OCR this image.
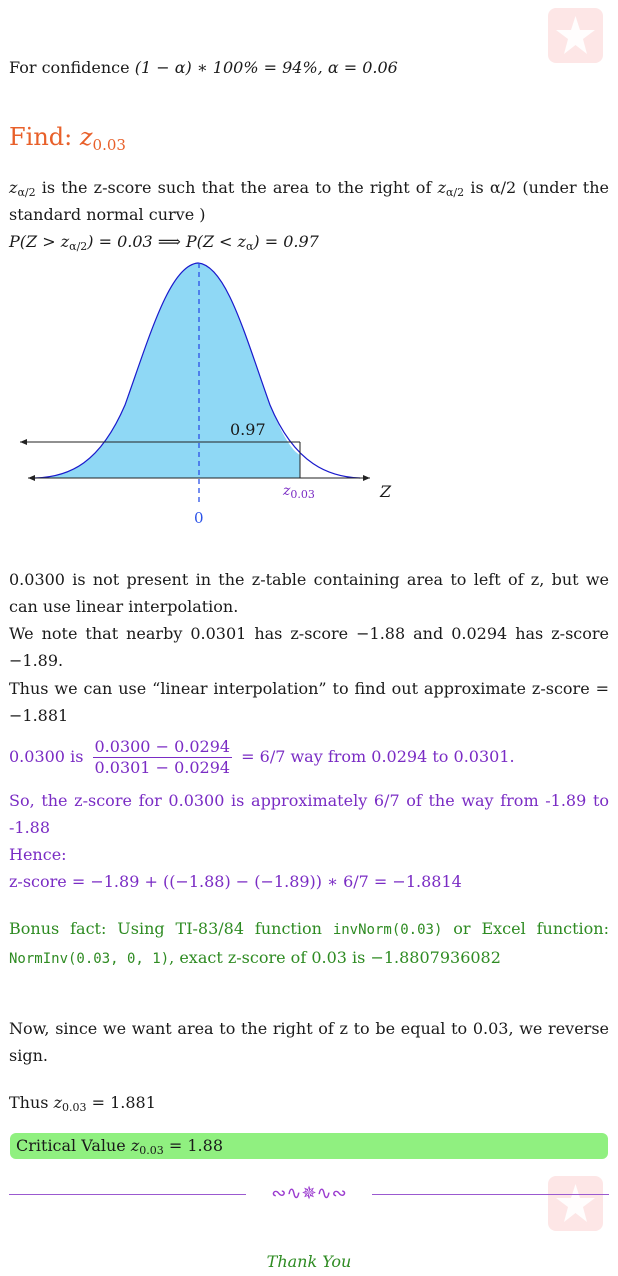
For confidence (1 − α) ∗ 100% = 94%, α = 0.06
Find: $z_{0.03}$
$z_{\alpha/2}$ is the z-score such that the area to the right of $z_{\alpha/2}$ is α/2 (under the standard normal curve )
$P(Z > z_{\alpha/2}) = 0.03$ ⟹ $P(Z < z_\alpha) = 0.97$
0.97
$z_{0.03}$	Z
0
0.0300 is not present in the z-table containing area to left of z, but we can use linear interpolation.
We note that nearby 0.0301 has z-score −1.88 and 0.0294 has z-score −1.89.
Thus we can use “linear interpolation” to find out approximate z-score = −1.881
0.0300 is $\frac{0.0300 - 0.0294}{0.0301 - 0.0294} = 6/7$ way from 0.0294 to 0.0301.
So, the z-score for 0.0300 is approximately 6/7 of the way from -1.89 to -1.88
Hence:
z-score = −1.89 + ((−1.88) − (−1.89)) ∗ 6/7 = −1.8814
Bonus fact: Using TI-83/84 function invNorm(0.03) or Excel function: NormInv(0.03, 0, 1), exact z-score of 0.03 is −1.8807936082
Now, since we want area to the right of z to be equal to 0.03, we reverse sign.
Thus $z_{0.03} = 1.881$
Critical Value $z_{0.03} = 1.88$
∾∿✵∿∾
Thank You
